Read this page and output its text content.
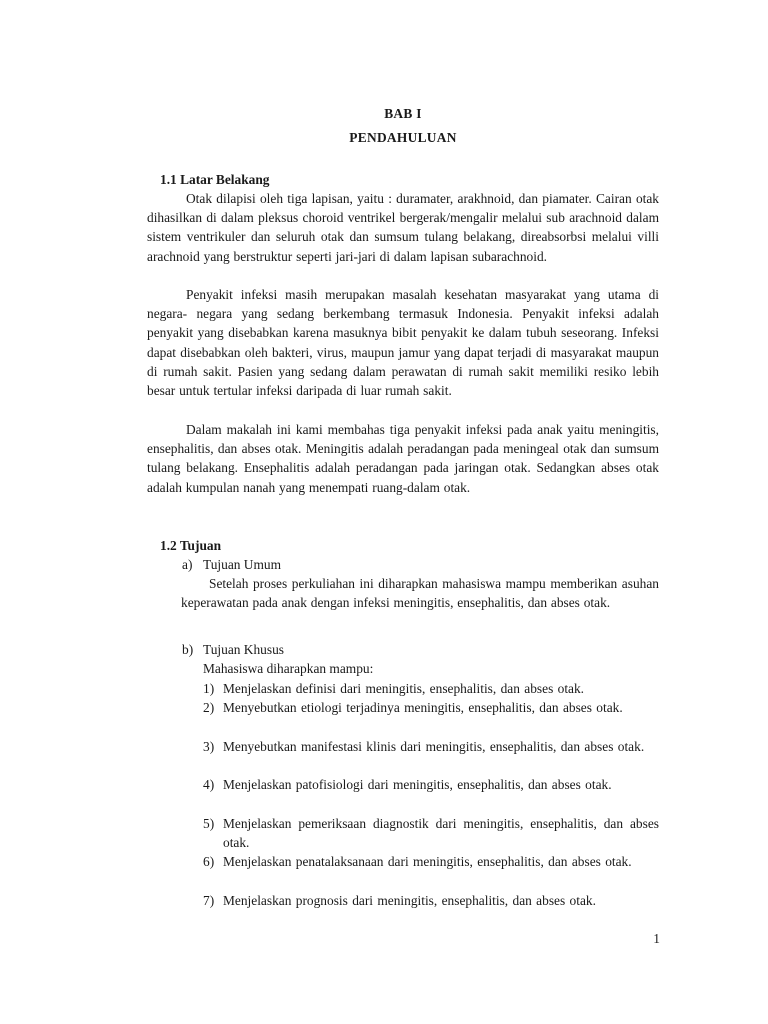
BAB I
PENDAHULUAN
1.1 Latar Belakang
Otak dilapisi oleh tiga lapisan, yaitu : duramater, arakhnoid, dan piamater. Cairan otak dihasilkan di dalam pleksus choroid ventrikel bergerak/mengalir melalui sub arachnoid dalam sistem ventrikuler dan seluruh otak dan sumsum tulang belakang, direabsorbsi melalui villi arachnoid yang berstruktur seperti jari-jari di dalam lapisan subarachnoid.
Penyakit infeksi masih merupakan masalah kesehatan masyarakat yang utama di negara- negara yang sedang berkembang termasuk Indonesia. Penyakit infeksi adalah penyakit yang disebabkan karena masuknya bibit penyakit ke dalam tubuh seseorang. Infeksi dapat disebabkan oleh bakteri, virus, maupun jamur yang dapat terjadi di masyarakat maupun di rumah sakit. Pasien yang sedang dalam perawatan di rumah sakit memiliki resiko lebih besar untuk tertular infeksi daripada di luar rumah sakit.
Dalam makalah ini kami membahas tiga penyakit infeksi pada anak yaitu meningitis, ensephalitis, dan abses otak. Meningitis adalah peradangan pada meningeal otak dan sumsum tulang belakang. Ensephalitis adalah peradangan pada jaringan otak. Sedangkan abses otak adalah kumpulan nanah yang menempati ruang-dalam otak.
1.2 Tujuan
a) Tujuan Umum
Setelah proses perkuliahan ini diharapkan mahasiswa mampu memberikan asuhan keperawatan pada anak dengan infeksi meningitis, ensephalitis, dan abses otak.
b) Tujuan Khusus
Mahasiswa diharapkan mampu:
1) Menjelaskan definisi dari meningitis, ensephalitis, dan abses otak.
2) Menyebutkan etiologi terjadinya meningitis, ensephalitis, dan abses otak.
3) Menyebutkan manifestasi klinis dari meningitis, ensephalitis, dan abses otak.
4) Menjelaskan patofisiologi dari meningitis, ensephalitis, dan abses otak.
5) Menjelaskan pemeriksaan diagnostik dari meningitis, ensephalitis, dan abses otak.
6) Menjelaskan penatalaksanaan dari meningitis, ensephalitis, dan abses otak.
7) Menjelaskan prognosis dari meningitis, ensephalitis, dan abses otak.
1
